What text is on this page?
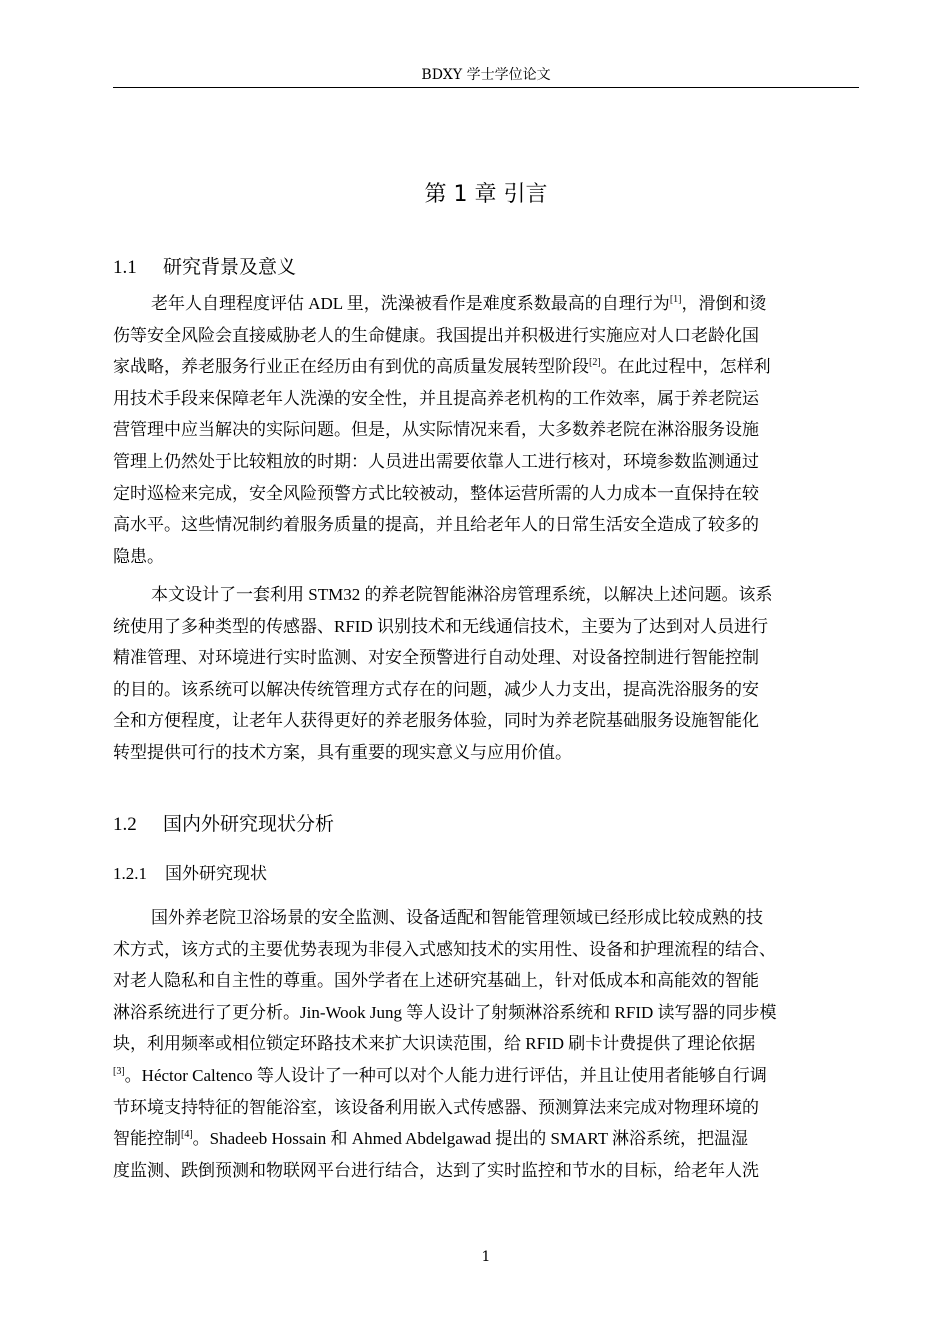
BDXY 学士学位论文
第 1 章 引言
1.1 研究背景及意义
老年人自理程度评估 ADL 里，洗澡被看作是难度系数最高的自理行为[1]，滑倒和烫
伤等安全风险会直接威胁老人的生命健康。我国提出并积极进行实施应对人口老龄化国
家战略，养老服务行业正在经历由有到优的高质量发展转型阶段[2]。在此过程中，怎样利
用技术手段来保障老年人洗澡的安全性，并且提高养老机构的工作效率，属于养老院运
营管理中应当解决的实际问题。但是，从实际情况来看，大多数养老院在淋浴服务设施
管理上仍然处于比较粗放的时期：人员进出需要依靠人工进行核对，环境参数监测通过
定时巡检来完成，安全风险预警方式比较被动，整体运营所需的人力成本一直保持在较
高水平。这些情况制约着服务质量的提高，并且给老年人的日常生活安全造成了较多的
隐患。
本文设计了一套利用 STM32 的养老院智能淋浴房管理系统，以解决上述问题。该系
统使用了多种类型的传感器、RFID 识别技术和无线通信技术，主要为了达到对人员进行
精准管理、对环境进行实时监测、对安全预警进行自动处理、对设备控制进行智能控制
的目的。该系统可以解决传统管理方式存在的问题，减少人力支出，提高洗浴服务的安
全和方便程度，让老年人获得更好的养老服务体验，同时为养老院基础服务设施智能化
转型提供可行的技术方案，具有重要的现实意义与应用价值。
1.2 国内外研究现状分析
1.2.1 国外研究现状
国外养老院卫浴场景的安全监测、设备适配和智能管理领域已经形成比较成熟的技
术方式，该方式的主要优势表现为非侵入式感知技术的实用性、设备和护理流程的结合、
对老人隐私和自主性的尊重。国外学者在上述研究基础上，针对低成本和高能效的智能
淋浴系统进行了更分析。Jin-Wook Jung 等人设计了射频淋浴系统和 RFID 读写器的同步模
块，利用频率或相位锁定环路技术来扩大识读范围，给 RFID 刷卡计费提供了理论依据
[3]。Héctor Caltenco 等人设计了一种可以对个人能力进行评估，并且让使用者能够自行调
节环境支持特征的智能浴室，该设备利用嵌入式传感器、预测算法来完成对物理环境的
智能控制[4]。Shadeeb Hossain 和 Ahmed Abdelgawad 提出的 SMART 淋浴系统，把温湿
度监测、跌倒预测和物联网平台进行结合，达到了实时监控和节水的目标，给老年人洗
1
